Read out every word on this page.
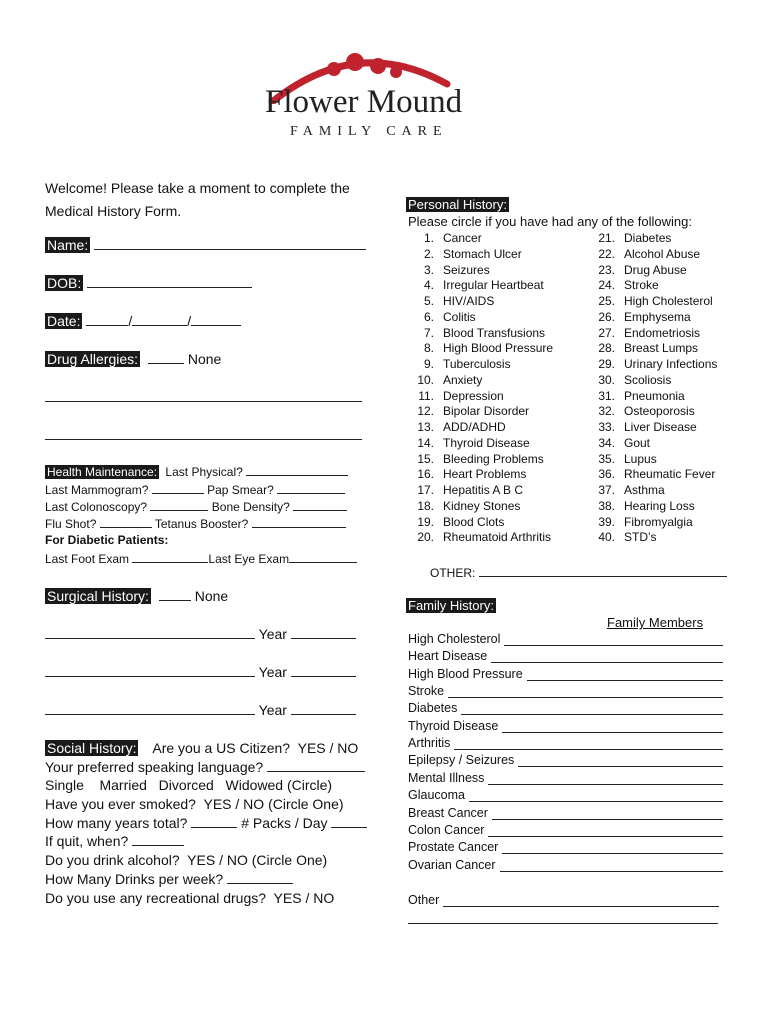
Flower Mound
FAMILY CARE
Welcome! Please take a moment to complete the
Medical History Form.
Name:
DOB:
Date:	/	/
Drug Allergies:	None
Health Maintenance: Last Physical?
Last Mammogram?	Pap Smear?
Last Colonoscopy?	Bone Density?
Flu Shot?	Tetanus Booster?
For Diabetic Patients:
Last Foot Exam	Last Eye Exam
Surgical History:	None
Year
Year
Year
Social History: Are you a US Citizen?  YES / NO
Your preferred speaking language?
Single    Married   Divorced   Widowed (Circle)
Have you ever smoked?  YES / NO (Circle One)
How many years total?	# Packs / Day
If quit, when?
Do you drink alcohol?  YES / NO (Circle One)
How Many Drinks per week?
Do you use any recreational drugs?  YES / NO
Personal History:
Please circle if you have had any of the following:
1. Cancer
2. Stomach Ulcer
3. Seizures
4. Irregular Heartbeat
5. HIV/AIDS
6. Colitis
7. Blood Transfusions
8. High Blood Pressure
9. Tuberculosis
10. Anxiety
11. Depression
12. Bipolar Disorder
13. ADD/ADHD
14. Thyroid Disease
15. Bleeding Problems
16. Heart Problems
17. Hepatitis A B C
18. Kidney Stones
19. Blood Clots
20. Rheumatoid Arthritis
21. Diabetes
22. Alcohol Abuse
23. Drug Abuse
24. Stroke
25. High Cholesterol
26. Emphysema
27. Endometriosis
28. Breast Lumps
29. Urinary Infections
30. Scoliosis
31. Pneumonia
32. Osteoporosis
33. Liver Disease
34. Gout
35. Lupus
36. Rheumatic Fever
37. Asthma
38. Hearing Loss
39. Fibromyalgia
40. STD’s
OTHER:
Family History:
Family Members
High Cholesterol
Heart Disease
High Blood Pressure
Stroke
Diabetes
Thyroid Disease
Arthritis
Epilepsy / Seizures
Mental Illness
Glaucoma
Breast Cancer
Colon Cancer
Prostate Cancer
Ovarian Cancer
Other
